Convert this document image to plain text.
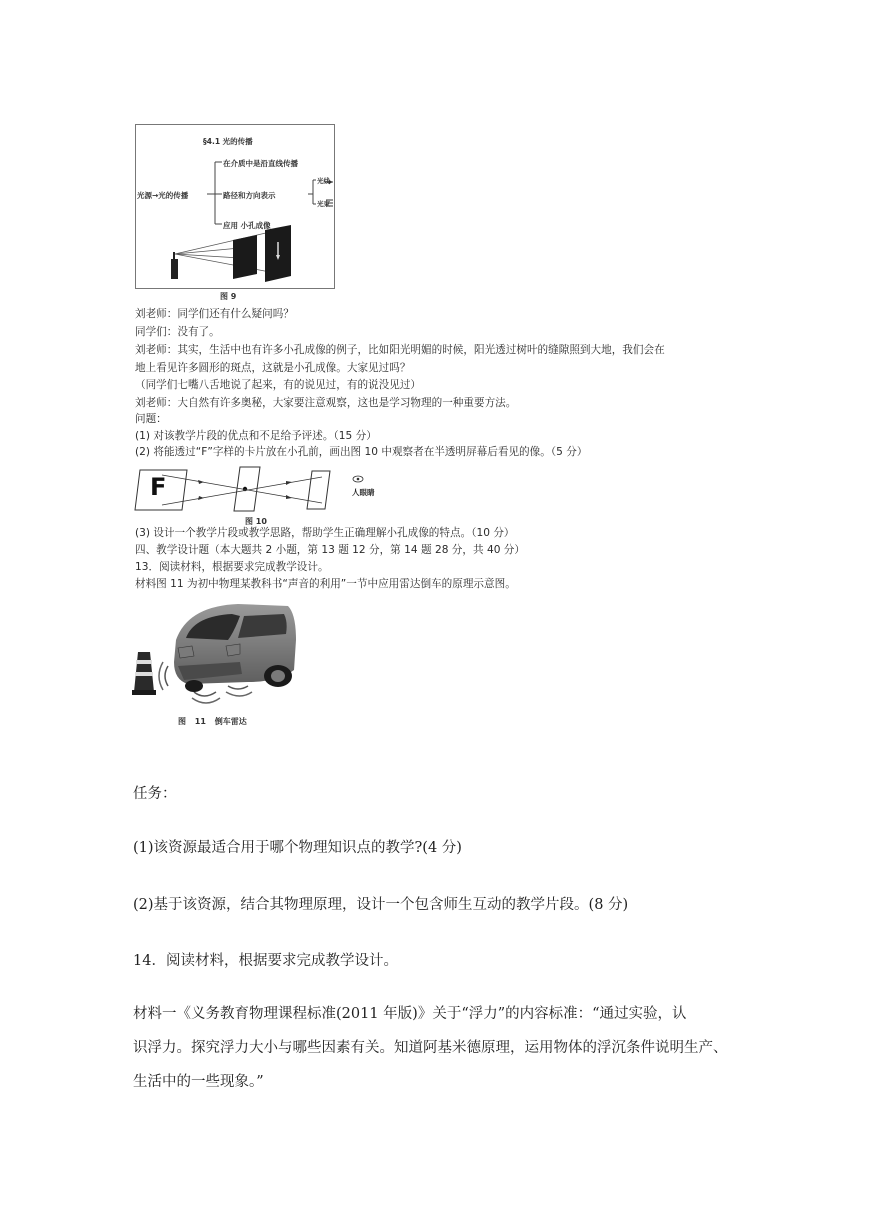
§4.1 光的传播
光源→光的传播
在介质中是沿直线传播
路径和方向表示
光线
光束
应用 小孔成像
图 9
刘老师：同学们还有什么疑问吗？
同学们：没有了。
刘老师：其实，生活中也有许多小孔成像的例子，比如阳光明媚的时候，阳光透过树叶的缝隙照到大地，我们会在
地上看见许多圆形的斑点，这就是小孔成像。大家见过吗？
（同学们七嘴八舌地说了起来，有的说见过，有的说没见过）
刘老师：大自然有许多奥秘，大家要注意观察，这也是学习物理的一种重要方法。
问题：
(1) 对该教学片段的优点和不足给予评述。（15 分）
(2) 将能透过“F”字样的卡片放在小孔前，画出图 10 中观察者在半透明屏幕后看见的像。（5 分）
F	人眼睛
图 10
(3) 设计一个教学片段或教学思路，帮助学生正确理解小孔成像的特点。（10 分）
四、教学设计题（本大题共 2 小题，第 13 题 12 分，第 14 题 28 分，共 40 分）
13．阅读材料，根据要求完成教学设计。
材料图 11 为初中物理某教科书“声音的利用”一节中应用雷达倒车的原理示意图。
图 11 倒车雷达
任务：
(1)该资源最适合用于哪个物理知识点的教学?(4 分)
(2)基于该资源，结合其物理原理，设计一个包含师生互动的教学片段。(8 分)
14．阅读材料，根据要求完成教学设计。
材料一《义务教育物理课程标准(2011 年版)》关于“浮力”的内容标准：“通过实验，认
识浮力。探究浮力大小与哪些因素有关。知道阿基米德原理，运用物体的浮沉条件说明生产、
生活中的一些现象。”
